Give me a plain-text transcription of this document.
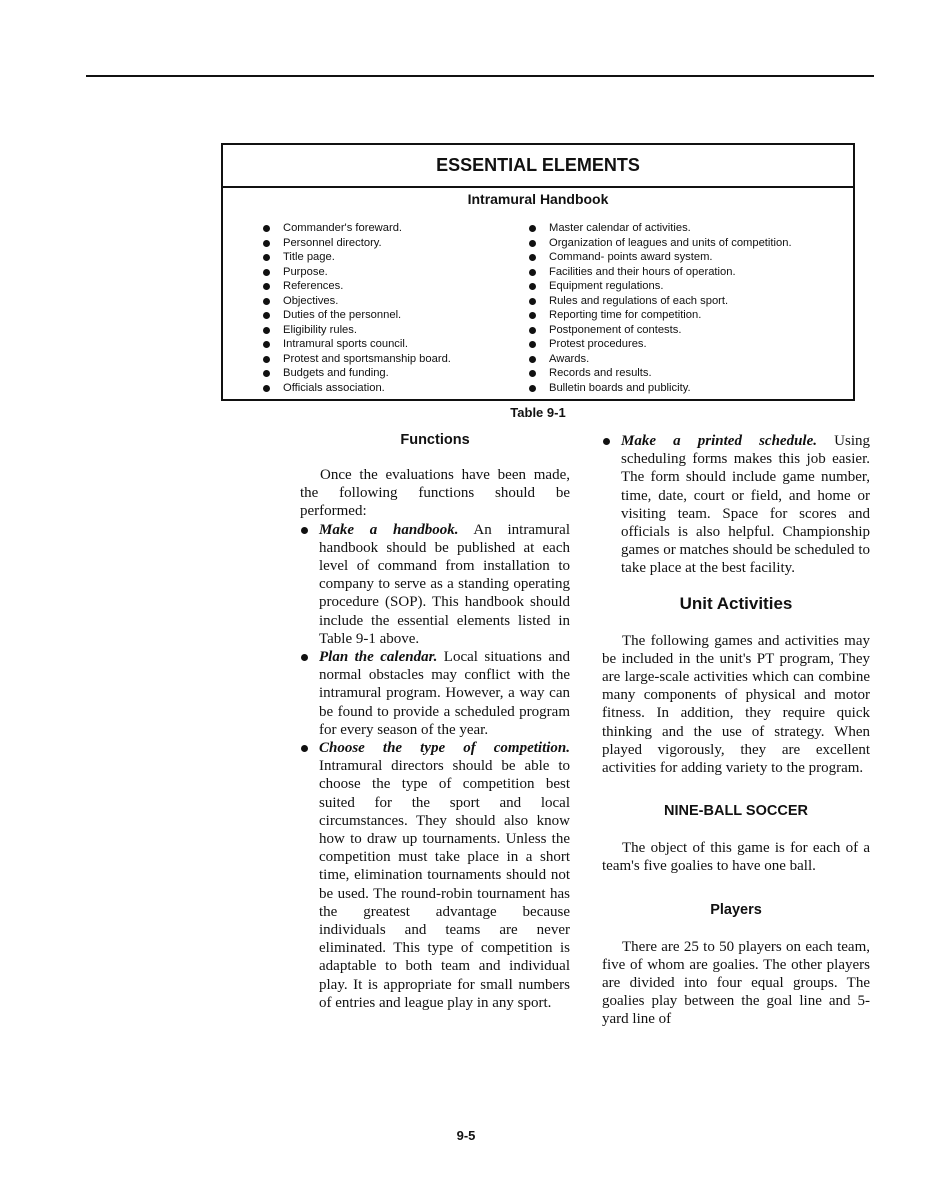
ESSENTIAL ELEMENTS
Intramural Handbook
Commander's foreward.
Personnel directory.
Title page.
Purpose.
References.
Objectives.
Duties of the personnel.
Eligibility rules.
Intramural sports council.
Protest and sportsmanship board.
Budgets and funding.
Officials association.
Master calendar of activities.
Organization of leagues and units of competition.
Command- points award system.
Facilities and their hours of operation.
Equipment regulations.
Rules and regulations of each sport.
Reporting time for competition.
Postponement of contests.
Protest procedures.
Awards.
Records and results.
Bulletin boards and publicity.
Table 9-1
Functions

Once the evaluations have been made, the following functions should be performed:

Make a handbook. An intramural handbook should be published at each level of command from installation to company to serve as a standing operating procedure (SOP). This handbook should include the essential elements listed in Table 9-1 above.

Plan the calendar. Local situations and normal obstacles may conflict with the intramural program. However, a way can be found to provide a scheduled program for every season of the year.

Choose the type of competition. Intramural directors should be able to choose the type of competition best suited for the sport and local circumstances. They should also know how to draw up tournaments. Unless the competition must take place in a short time, elimination tournaments should not be used. The round-robin tournament has the greatest advantage because individuals and teams are never eliminated. This type of competition is adaptable to both team and individual play. It is appropriate for small numbers of entries and league play in any sport.

Make a printed schedule. Using scheduling forms makes this job easier. The form should include game number, time, date, court or field, and home or visiting team. Space for scores and officials is also helpful. Championship games or matches should be scheduled to take place at the best facility.

Unit Activities

The following games and activities may be included in the unit's PT program, They are large-scale activities which can combine many components of physical and motor fitness. In addition, they require quick thinking and the use of strategy. When played vigorously, they are excellent activities for adding variety to the program.

NINE-BALL SOCCER

The object of this game is for each of a team's five goalies to have one ball.

Players

There are 25 to 50 players on each team, five of whom are goalies. The other players are divided into four equal groups. The goalies play between the goal line and 5-yard line of

9-5
